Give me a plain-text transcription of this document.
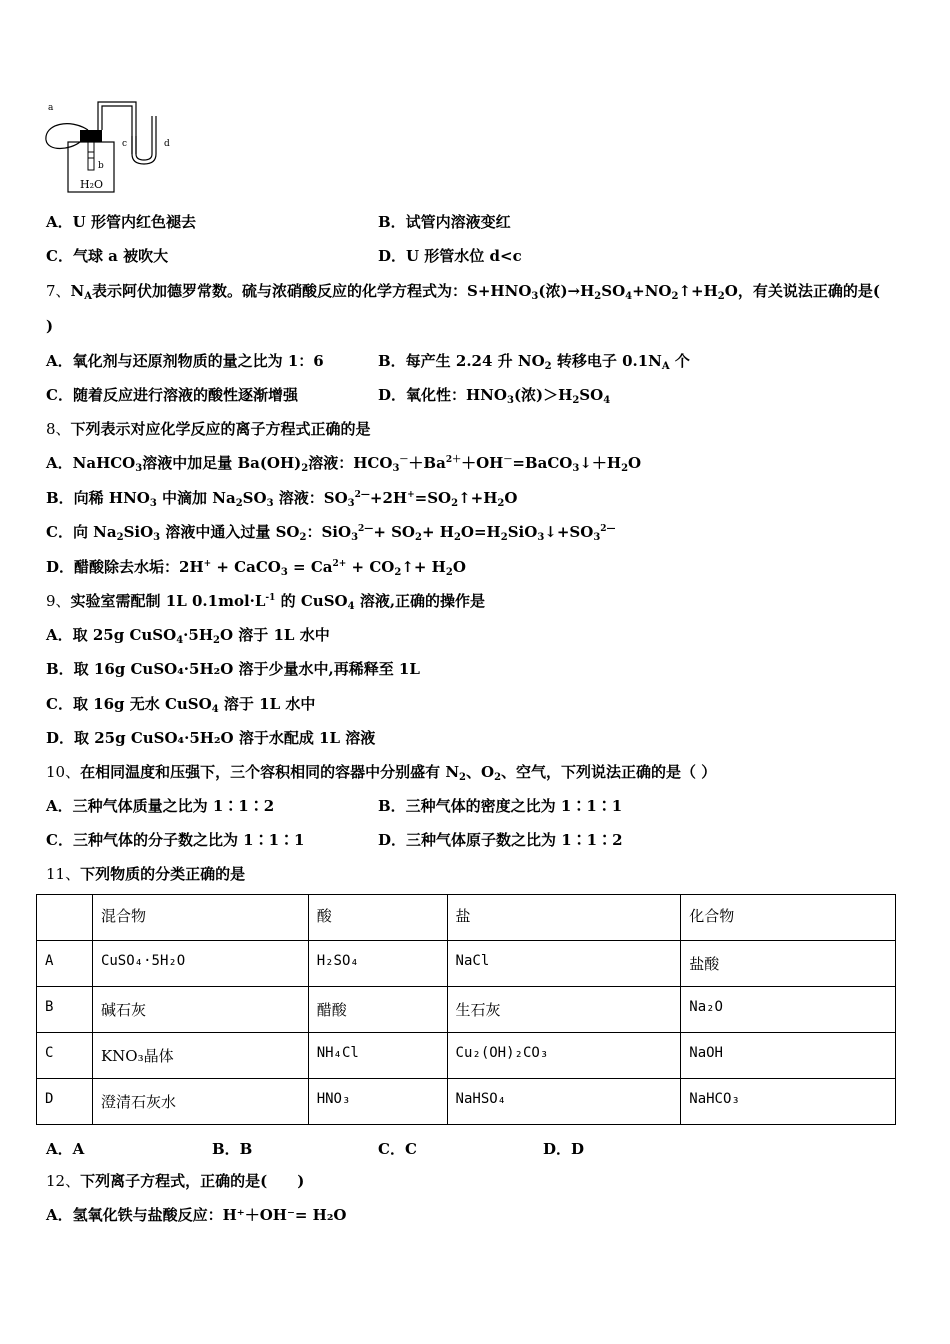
a
b
c	d
H₂O
A．U 形管内红色褪去	B．试管内溶液变红
C．气球 a 被吹大	D．U 形管水位 d<c
7、$N_A$表示阿伏加德罗常数。硫与浓硝酸反应的化学方程式为：$S+HNO_3$(浓)$\to H_2SO_4+NO_2↑+H_2O$，有关说法正确的是(
)
A．氧化剂与还原剂物质的量之比为 1：6	B．每产生 2.24 升 $NO_2$ 转移电子 $0.1N_A$ 个
C．随着反应进行溶液的酸性逐渐增强	D．氧化性：$HNO_3$(浓)$>H_2SO_4$
8、下列表示对应化学反应的离子方程式正确的是
A．NaHCO$_3$溶液中加足量 $Ba(OH)_2$溶液：$HCO_3^-+Ba^{2+}+OH^-=BaCO_3↓+H_2O$
B．向稀 $HNO_3$ 中滴加 $Na_2SO_3$ 溶液：$SO_3^{2—}+2H^+=SO_2↑+H_2O$
C．向 $Na_2SiO_3$ 溶液中通入过量 $SO_2$：$SiO_3^{2—}+ SO_2+$ $H_2O=H_2SiO_3↓+SO_3^{2—}$
D．醋酸除去水垢：2H+ + CaCO$_3$ = $Ca^{2+}$ + $CO_2↑+ H_2O$
9、实验室需配制 1L $0.1mol\cdot L^{-1}$ 的 CuSO$_4$ 溶液,正确的操作是
A．取 25g $CuSO_4\cdot 5H_2O$ 溶于 1L 水中
B．取 16g CuSO₄·5H₂O 溶于少量水中,再稀释至 1L
C．取 16g 无水 CuSO$_4$ 溶于 1L 水中
D．取 25g CuSO₄·5H₂O 溶于水配成 1L 溶液
10、在相同温度和压强下，三个容积相同的容器中分别盛有 $N_2$、$O_2$、空气，下列说法正确的是（ ）
A．三种气体质量之比为 1∶1∶2	B．三种气体的密度之比为 1∶1∶1
C．三种气体的分子数之比为 1∶1∶1	D．三种气体原子数之比为 1∶1∶2
11、下列物质的分类正确的是
	混合物	酸	盐	化合物
A	CuSO₄·5H₂O	H₂SO₄	NaCl	盐酸
B	碱石灰	醋酸	生石灰	Na₂O
C	KNO₃晶体	NH₄Cl	Cu₂(OH)₂CO₃	NaOH
D	澄清石灰水	HNO₃	NaHSO₄	NaHCO₃
A．A	B．B	C．C	D．D
12、下列离子方程式，正确的是(　　)
A．氢氧化铁与盐酸反应：H⁺＋OH⁻= H₂O
